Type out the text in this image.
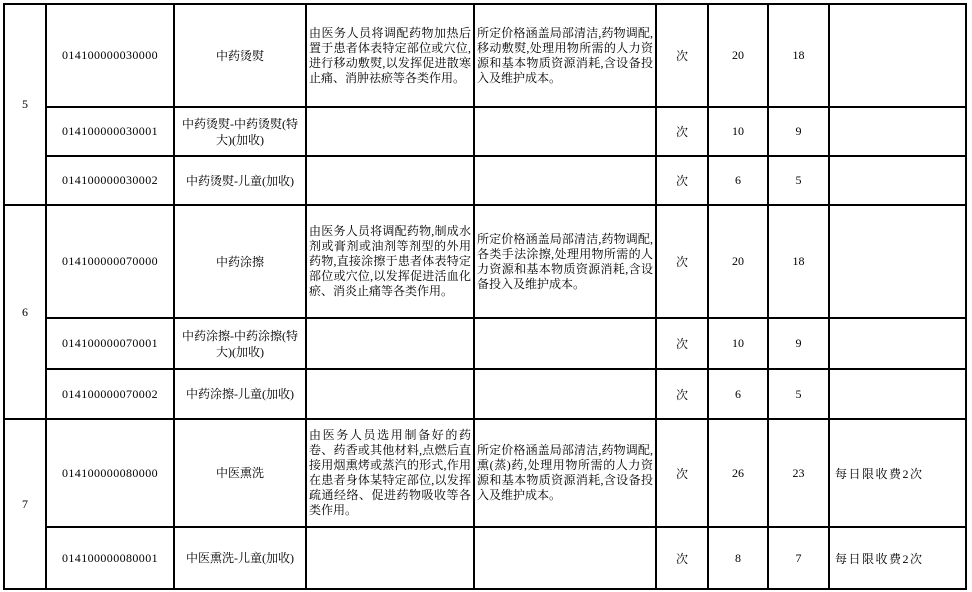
5	014100000030000	中药烫熨	由医务人员将调配药物加热后置于患者体表特定部位或穴位,进行移动敷熨,以发挥促进散寒止痛、消肿祛瘀等各类作用。	所定价格涵盖局部清洁,药物调配,移动敷熨,处理用物所需的人力资源和基本物质资源消耗,含设备投入及维护成本。	次	20	18	
	014100000030001	中药烫熨-中药烫熨(特大)(加收)			次	10	9	
	014100000030002	中药烫熨-儿童(加收)			次	6	5	
6	014100000070000	中药涂擦	由医务人员将调配药物,制成水剂或膏剂或油剂等剂型的外用药物,直接涂擦于患者体表特定部位或穴位,以发挥促进活血化瘀、消炎止痛等各类作用。	所定价格涵盖局部清洁,药物调配,各类手法涂擦,处理用物所需的人力资源和基本物质资源消耗,含设备投入及维护成本。	次	20	18	
	014100000070001	中药涂擦-中药涂擦(特大)(加收)			次	10	9	
	014100000070002	中药涂擦-儿童(加收)			次	6	5	
7	014100000080000	中医熏洗	由医务人员选用制备好的药卷、药香或其他材料,点燃后直接用烟熏烤或蒸汽的形式,作用在患者身体某特定部位,以发挥疏通经络、促进药物吸收等各类作用。	所定价格涵盖局部清洁,药物调配,熏(蒸)药,处理用物所需的人力资源和基本物质资源消耗,含设备投入及维护成本。	次	26	23	每日限收费2次
	014100000080001	中医熏洗-儿童(加收)			次	8	7	每日限收费2次
